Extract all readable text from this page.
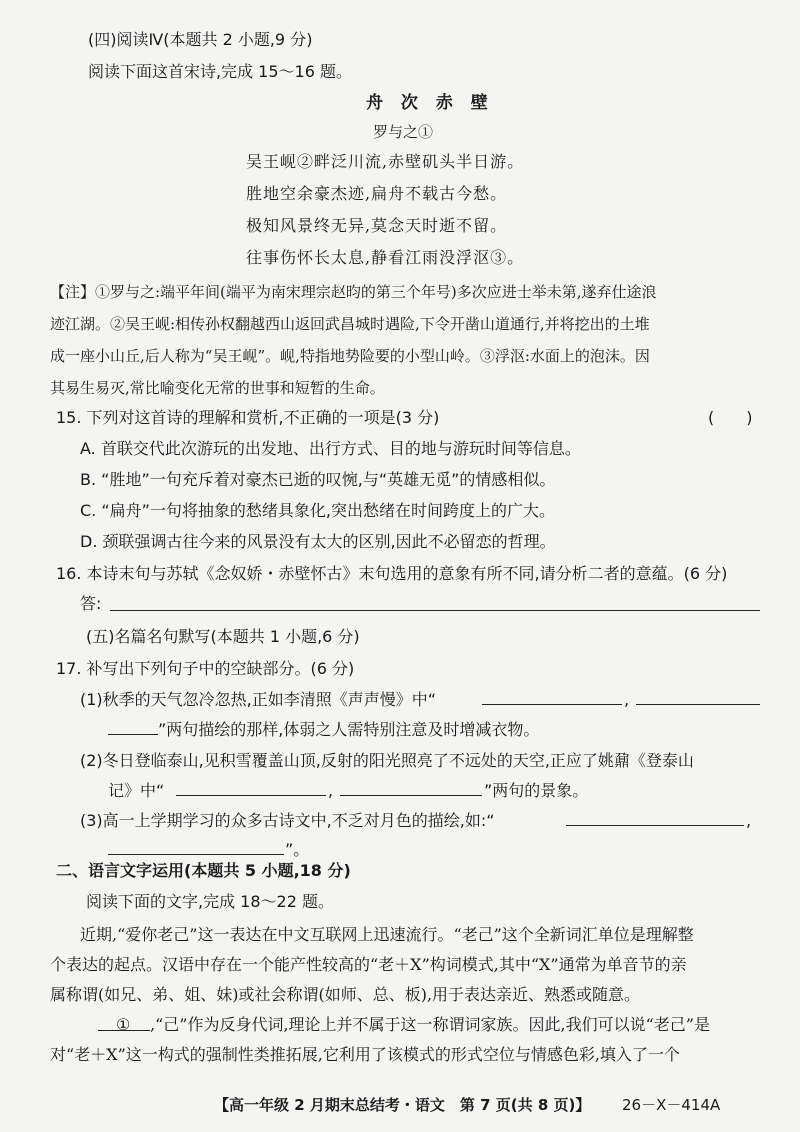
(四)阅读Ⅳ(本题共 2 小题,9 分)
阅读下面这首宋诗,完成 15～16 题。
舟 次 赤 壁
罗与之①
吴王岘②畔泛川流,赤壁矶头半日游。
胜地空余豪杰迹,扁舟不载古今愁。
极知风景终无异,莫念天时逝不留。
往事伤怀长太息,静看江雨没浮沤③。
【注】①罗与之:端平年间(端平为南宋理宗赵昀的第三个年号)多次应进士举未第,遂弃仕途浪
迹江湖。②吴王岘:相传孙权翻越西山返回武昌城时遇险,下令开凿山道通行,并将挖出的土堆
成一座小山丘,后人称为“吴王岘”。岘,特指地势险要的小型山岭。③浮沤:水面上的泡沫。因
其易生易灭,常比喻变化无常的世事和短暂的生命。
15. 下列对这首诗的理解和赏析,不正确的一项是(3 分)	(　　)
A. 首联交代此次游玩的出发地、出行方式、目的地与游玩时间等信息。
B. “胜地”一句充斥着对豪杰已逝的叹惋,与“英雄无觅”的情感相似。
C. “扁舟”一句将抽象的愁绪具象化,突出愁绪在时间跨度上的广大。
D. 颈联强调古往今来的风景没有太大的区别,因此不必留恋的哲理。
16. 本诗末句与苏轼《念奴娇・赤壁怀古》末句选用的意象有所不同,请分析二者的意蕴。(6 分)
答:
(五)名篇名句默写(本题共 1 小题,6 分)
17. 补写出下列句子中的空缺部分。(6 分)
(1)秋季的天气忽冷忽热,正如李清照《声声慢》中“	,
”两句描绘的那样,体弱之人需特别注意及时增减衣物。
(2)冬日登临泰山,见积雪覆盖山顶,反射的阳光照亮了不远处的天空,正应了姚鼐《登泰山
记》中“	,	”两句的景象。
(3)高一上学期学习的众多古诗文中,不乏对月色的描绘,如:“	,
”。
二、语言文字运用(本题共 5 小题,18 分)
阅读下面的文字,完成 18～22 题。
近期,“爱你老己”这一表达在中文互联网上迅速流行。“老己”这个全新词汇单位是理解整
个表达的起点。汉语中存在一个能产性较高的“老＋X”构词模式,其中“X”通常为单音节的亲
属称谓(如兄、弟、姐、妹)或社会称谓(如师、总、板),用于表达亲近、熟悉或随意。
① ,“己”作为反身代词,理论上并不属于这一称谓词家族。因此,我们可以说“老己”是
对“老＋X”这一构式的强制性类推拓展,它利用了该模式的形式空位与情感色彩,填入了一个
【高一年级 2 月期末总结考・语文　第 7 页(共 8 页)】 26－X－414A
